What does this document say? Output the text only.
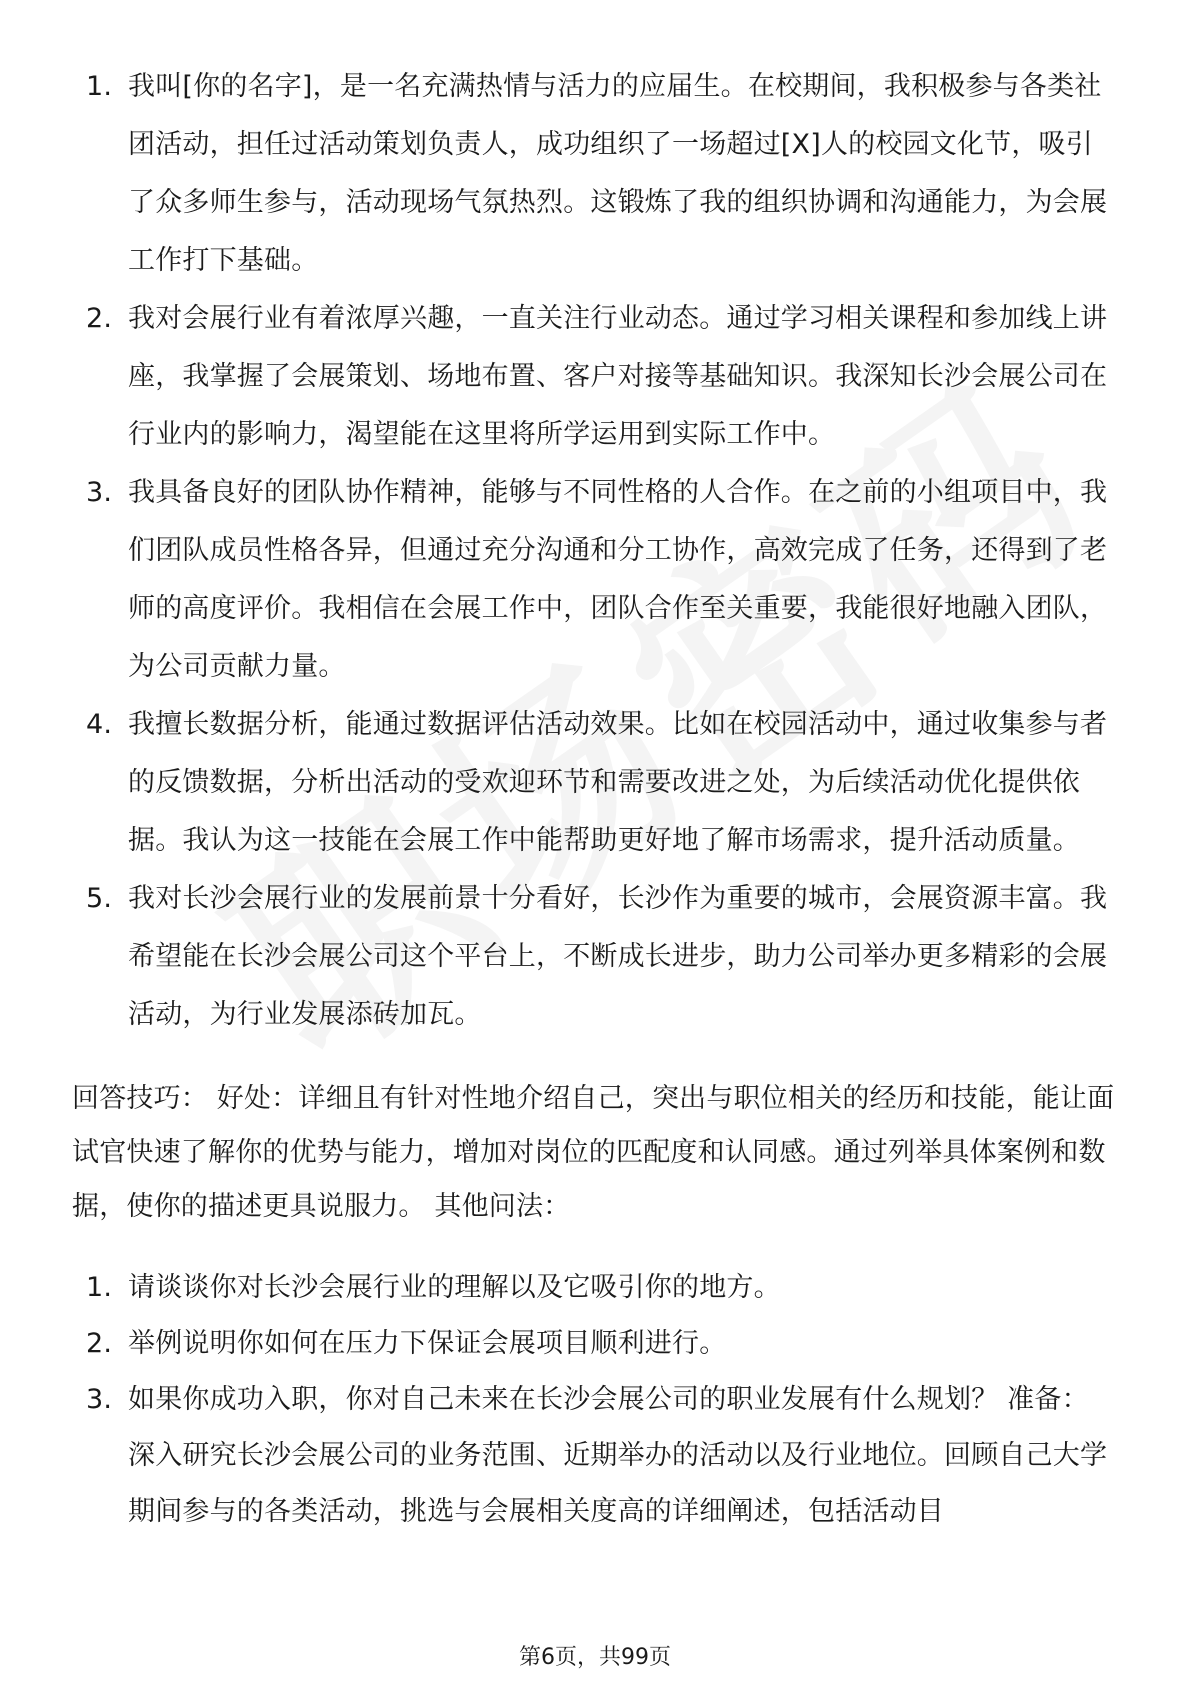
1. 我叫[你的名字]，是一名充满热情与活力的应届生。在校期间，我积极参与各类社团活动，担任过活动策划负责人，成功组织了一场超过[X]人的校园文化节，吸引了众多师生参与，活动现场气氛热烈。这锻炼了我的组织协调和沟通能力，为会展工作打下基础。
2. 我对会展行业有着浓厚兴趣，一直关注行业动态。通过学习相关课程和参加线上讲座，我掌握了会展策划、场地布置、客户对接等基础知识。我深知长沙会展公司在行业内的影响力，渴望能在这里将所学运用到实际工作中。
3. 我具备良好的团队协作精神，能够与不同性格的人合作。在之前的小组项目中，我们团队成员性格各异，但通过充分沟通和分工协作，高效完成了任务，还得到了老师的高度评价。我相信在会展工作中，团队合作至关重要，我能很好地融入团队，为公司贡献力量。
4. 我擅长数据分析，能通过数据评估活动效果。比如在校园活动中，通过收集参与者的反馈数据，分析出活动的受欢迎环节和需要改进之处，为后续活动优化提供依据。我认为这一技能在会展工作中能帮助更好地了解市场需求，提升活动质量。
5. 我对长沙会展行业的发展前景十分看好，长沙作为重要的城市，会展资源丰富。我希望能在长沙会展公司这个平台上，不断成长进步，助力公司举办更多精彩的会展活动，为行业发展添砖加瓦。

回答技巧： 好处：详细且有针对性地介绍自己，突出与职位相关的经历和技能，能让面试官快速了解你的优势与能力，增加对岗位的匹配度和认同感。通过列举具体案例和数据，使你的描述更具说服力。 其他问法：

1. 请谈谈你对长沙会展行业的理解以及它吸引你的地方。
2. 举例说明你如何在压力下保证会展项目顺利进行。
3. 如果你成功入职，你对自己未来在长沙会展公司的职业发展有什么规划？ 准备： 深入研究长沙会展公司的业务范围、近期举办的活动以及行业地位。回顾自己大学期间参与的各类活动，挑选与会展相关度高的详细阐述，包括活动目
第6页，共99页
